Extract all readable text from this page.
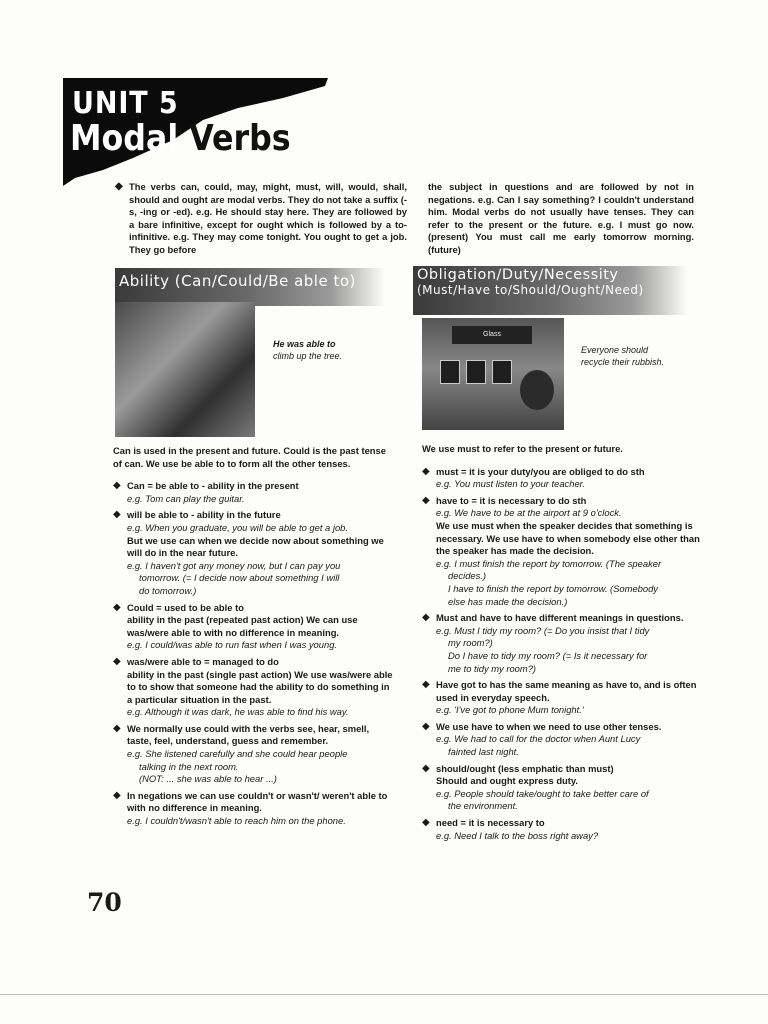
UNIT 5
Modal Verbs
◆ The verbs can, could, may, might, must, will, would, shall, should and ought are modal verbs. They do not take a suffix (-s, -ing or -ed). e.g. He should stay here. They are followed by a bare infinitive, except for ought which is followed by a to-infinitive. e.g. They may come tonight. You ought to get a job. They go before
the subject in questions and are followed by not in negations. e.g. Can I say something? I couldn't understand him. Modal verbs do not usually have tenses. They can refer to the present or the future. e.g. I must go now. (present) You must call me early tomorrow morning. (future)
Ability (Can/Could/Be able to)
He was able to
climb up the tree.
Obligation/Duty/Necessity
(Must/Have to/Should/Ought/Need)
Glass
Everyone should
recycle their rubbish.
Can is used in the present and future. Could is the past tense of can. We use be able to to form all the other tenses.
◆ Can = be able to - ability in the present
e.g. Tom can play the guitar.
◆ will be able to - ability in the future
e.g. When you graduate, you will be able to get a job.
But we use can when we decide now about something we will do in the near future.
e.g. I haven't got any money now, but I can pay you
tomorrow. (= I decide now about something I will
do tomorrow.)
◆ Could = used to be able to
ability in the past (repeated past action) We can use was/were able to with no difference in meaning.
e.g. I could/was able to run fast when I was young.
◆ was/were able to = managed to do
ability in the past (single past action) We use was/were able to to show that someone had the ability to do something in a particular situation in the past.
e.g. Although it was dark, he was able to find his way.
◆ We normally use could with the verbs see, hear, smell, taste, feel, understand, guess and remember.
e.g. She listened carefully and she could hear people
talking in the next room.
(NOT: ... she was able to hear ...)
◆ In negations we can use couldn't or wasn't/ weren't able to with no difference in meaning.
e.g. I couldn't/wasn't able to reach him on the phone.
We use must to refer to the present or future.
◆ must = it is your duty/you are obliged to do sth
e.g. You must listen to your teacher.
◆ have to = it is necessary to do sth
e.g. We have to be at the airport at 9 o'clock.
We use must when the speaker decides that something is necessary. We use have to when somebody else other than the speaker has made the decision.
e.g. I must finish the report by tomorrow. (The speaker
decides.)
I have to finish the report by tomorrow. (Somebody
else has made the decision.)
◆ Must and have to have different meanings in questions.
e.g. Must I tidy my room? (= Do you insist that I tidy
my room?)
Do I have to tidy my room? (= Is it necessary for
me to tidy my room?)
◆ Have got to has the same meaning as have to, and is often used in everyday speech.
e.g. 'I've got to phone Mum tonight.'
◆ We use have to when we need to use other tenses.
e.g. We had to call for the doctor when Aunt Lucy
fainted last night.
◆ should/ought (less emphatic than must)
Should and ought express duty.
e.g. People should take/ought to take better care of
the environment.
◆ need = it is necessary to
e.g. Need I talk to the boss right away?
70
